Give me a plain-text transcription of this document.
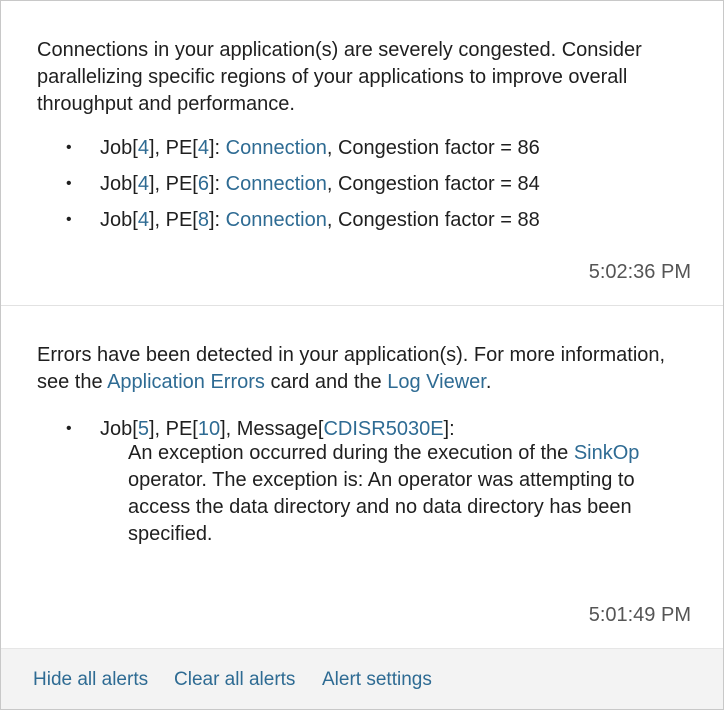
Connections in your application(s) are severely congested. Consider parallelizing specific regions of your applications to improve overall throughput and performance.

• Job[4], PE[4]: Connection, Congestion factor = 86
• Job[4], PE[6]: Connection, Congestion factor = 84
• Job[4], PE[8]: Connection, Congestion factor = 88
5:02:36 PM

Errors have been detected in your application(s). For more information, see the Application Errors card and the Log Viewer.

• Job[5], PE[10], Message[CDISR5030E]:
An exception occurred during the execution of the SinkOp operator. The exception is: An operator was attempting to access the data directory and no data directory has been specified.
5:01:49 PM
Hide all alerts Clear all alerts Alert settings
